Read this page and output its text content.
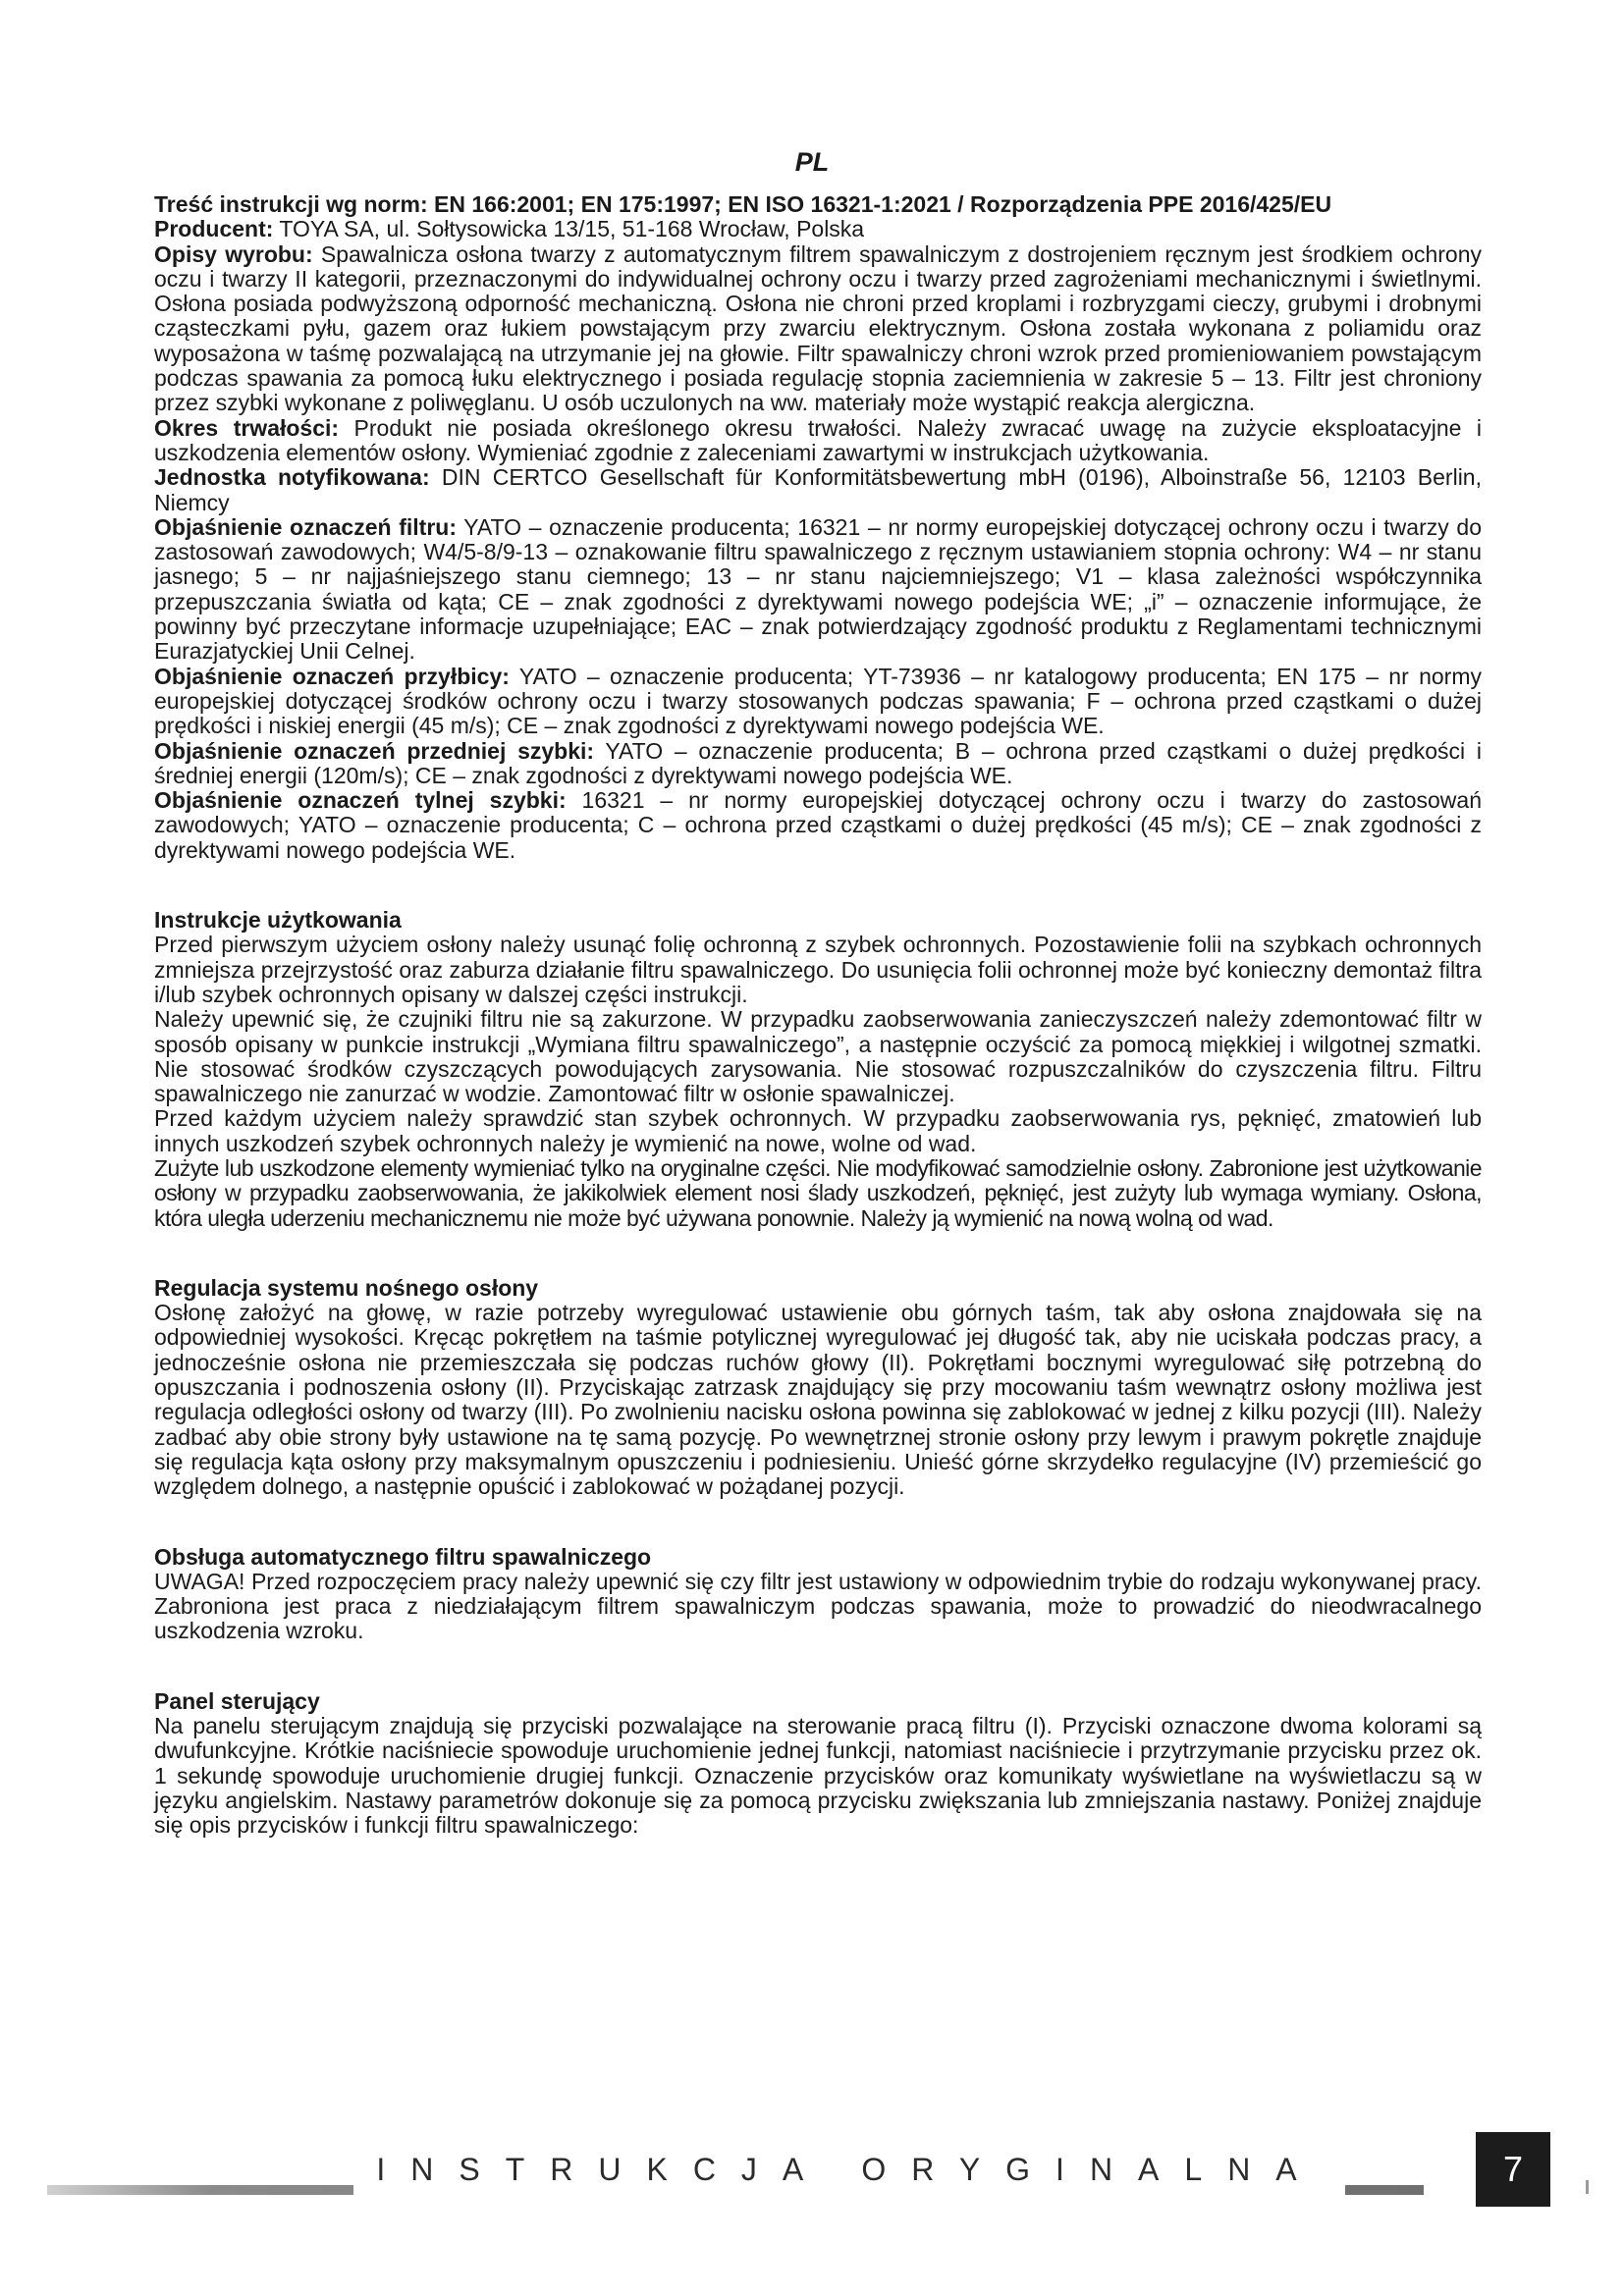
PL

Treść instrukcji wg norm: EN 166:2001; EN 175:1997; EN ISO 16321-1:2021 / Rozporządzenia PPE 2016/425/EU

Producent: TOYA SA, ul. Sołtysowicka 13/15, 51-168 Wrocław, Polska

Opisy wyrobu: Spawalnicza osłona twarzy z automatycznym filtrem spawalniczym z dostrojeniem ręcznym jest środkiem ochrony oczu i twarzy II kategorii, przeznaczonymi do indywidualnej ochrony oczu i twarzy przed zagrożeniami mechanicznymi i świetlnymi. Osłona posiada podwyższoną odporność mechaniczną. Osłona nie chroni przed kroplami i rozbryzgami cieczy, grubymi i drobnymi cząsteczkami pyłu, gazem oraz łukiem powstającym przy zwarciu elektrycznym. Osłona została wykonana z poliamidu oraz wyposażona w taśmę pozwalającą na utrzymanie jej na głowie. Filtr spawalniczy chroni wzrok przed promieniowaniem powstającym podczas spawania za pomocą łuku elektrycznego i posiada regulację stopnia zaciemnienia w zakresie 5 – 13. Filtr jest chroniony przez szybki wykonane z poliwęglanu. U osób uczulonych na ww. materiały może wystąpić reakcja alergiczna.

Okres trwałości: Produkt nie posiada określonego okresu trwałości. Należy zwracać uwagę na zużycie eksploatacyjne i uszkodzenia elementów osłony. Wymieniać zgodnie z zaleceniami zawartymi w instrukcjach użytkowania.

Jednostka notyfikowana: DIN CERTCO Gesellschaft für Konformitätsbewertung mbH (0196), Alboinstraße 56, 12103 Berlin, Niemcy

Objaśnienie oznaczeń filtru: YATO – oznaczenie producenta; 16321 – nr normy europejskiej dotyczącej ochrony oczu i twarzy do zastosowań zawodowych; W4/5-8/9-13 – oznakowanie filtru spawalniczego z ręcznym ustawianiem stopnia ochrony: W4 – nr stanu jasnego; 5 – nr najjaśniejszego stanu ciemnego; 13 – nr stanu najciemniejszego; V1 – klasa zależności współczynnika przepuszczania światła od kąta; CE – znak zgodności z dyrektywami nowego podejścia WE; „i” – oznaczenie informujące, że powinny być przeczytane informacje uzupełniające; EAC – znak potwierdzający zgodność produktu z Reglamentami technicznymi Eurazjatyckiej Unii Celnej.

Objaśnienie oznaczeń przyłbicy: YATO – oznaczenie producenta; YT-73936 – nr katalogowy producenta; EN 175 – nr normy europejskiej dotyczącej środków ochrony oczu i twarzy stosowanych podczas spawania; F – ochrona przed cząstkami o dużej prędkości i niskiej energii (45 m/s); CE – znak zgodności z dyrektywami nowego podejścia WE.

Objaśnienie oznaczeń przedniej szybki: YATO – oznaczenie producenta; B – ochrona przed cząstkami o dużej prędkości i średniej energii (120m/s); CE – znak zgodności z dyrektywami nowego podejścia WE.

Objaśnienie oznaczeń tylnej szybki: 16321 – nr normy europejskiej dotyczącej ochrony oczu i twarzy do zastosowań zawodowych; YATO – oznaczenie producenta; C – ochrona przed cząstkami o dużej prędkości (45 m/s); CE – znak zgodności z dyrektywami nowego podejścia WE.

Instrukcje użytkowania

Przed pierwszym użyciem osłony należy usunąć folię ochronną z szybek ochronnych. Pozostawienie folii na szybkach ochronnych zmniejsza przejrzystość oraz zaburza działanie filtru spawalniczego. Do usunięcia folii ochronnej może być konieczny demontaż filtra i/lub szybek ochronnych opisany w dalszej części instrukcji.

Należy upewnić się, że czujniki filtru nie są zakurzone. W przypadku zaobserwowania zanieczyszczeń należy zdemontować filtr w sposób opisany w punkcie instrukcji „Wymiana filtru spawalniczego”, a następnie oczyścić za pomocą miękkiej i wilgotnej szmatki. Nie stosować środków czyszczących powodujących zarysowania. Nie stosować rozpuszczalników do czyszczenia filtru. Filtru spawalniczego nie zanurzać w wodzie. Zamontować filtr w osłonie spawalniczej.

Przed każdym użyciem należy sprawdzić stan szybek ochronnych. W przypadku zaobserwowania rys, pęknięć, zmatowień lub innych uszkodzeń szybek ochronnych należy je wymienić na nowe, wolne od wad.

Zużyte lub uszkodzone elementy wymieniać tylko na oryginalne części. Nie modyfikować samodzielnie osłony. Zabronione jest użytkowanie osłony w przypadku zaobserwowania, że jakikolwiek element nosi ślady uszkodzeń, pęknięć, jest zużyty lub wymaga wymiany. Osłona, która uległa uderzeniu mechanicznemu nie może być używana ponownie. Należy ją wymienić na nową wolną od wad.

Regulacja systemu nośnego osłony

Osłonę założyć na głowę, w razie potrzeby wyregulować ustawienie obu górnych taśm, tak aby osłona znajdowała się na odpowiedniej wysokości. Kręcąc pokrętłem na taśmie potylicznej wyregulować jej długość tak, aby nie uciskała podczas pracy, a jednocześnie osłona nie przemieszczała się podczas ruchów głowy (II). Pokrętłami bocznymi wyregulować siłę potrzebną do opuszczania i podnoszenia osłony (II). Przyciskając zatrzask znajdujący się przy mocowaniu taśm wewnątrz osłony możliwa jest regulacja odległości osłony od twarzy (III). Po zwolnieniu nacisku osłona powinna się zablokować w jednej z kilku pozycji (III). Należy zadbać aby obie strony były ustawione na tę samą pozycję. Po wewnętrznej stronie osłony przy lewym i prawym pokrętle znajduje się regulacja kąta osłony przy maksymalnym opuszczeniu i podniesieniu. Unieść górne skrzydełko regulacyjne (IV) przemieścić go względem dolnego, a następnie opuścić i zablokować w pożądanej pozycji.

Obsługa automatycznego filtru spawalniczego

UWAGA! Przed rozpoczęciem pracy należy upewnić się czy filtr jest ustawiony w odpowiednim trybie do rodzaju wykonywanej pracy. Zabroniona jest praca z niedziałającym filtrem spawalniczym podczas spawania, może to prowadzić do nieodwracalnego uszkodzenia wzroku.

Panel sterujący

Na panelu sterującym znajdują się przyciski pozwalające na sterowanie pracą filtru (I). Przyciski oznaczone dwoma kolorami są dwufunkcyjne. Krótkie naciśniecie spowoduje uruchomienie jednej funkcji, natomiast naciśniecie i przytrzymanie przycisku przez ok. 1 sekundę spowoduje uruchomienie drugiej funkcji. Oznaczenie przycisków oraz komunikaty wyświetlane na wyświetlaczu są w języku angielskim. Nastawy parametrów dokonuje się za pomocą przycisku zwiększania lub zmniejszania nastawy. Poniżej znajduje się opis przycisków i funkcji filtru spawalniczego:

INSTRUKCJA ORYGINALNA	7
